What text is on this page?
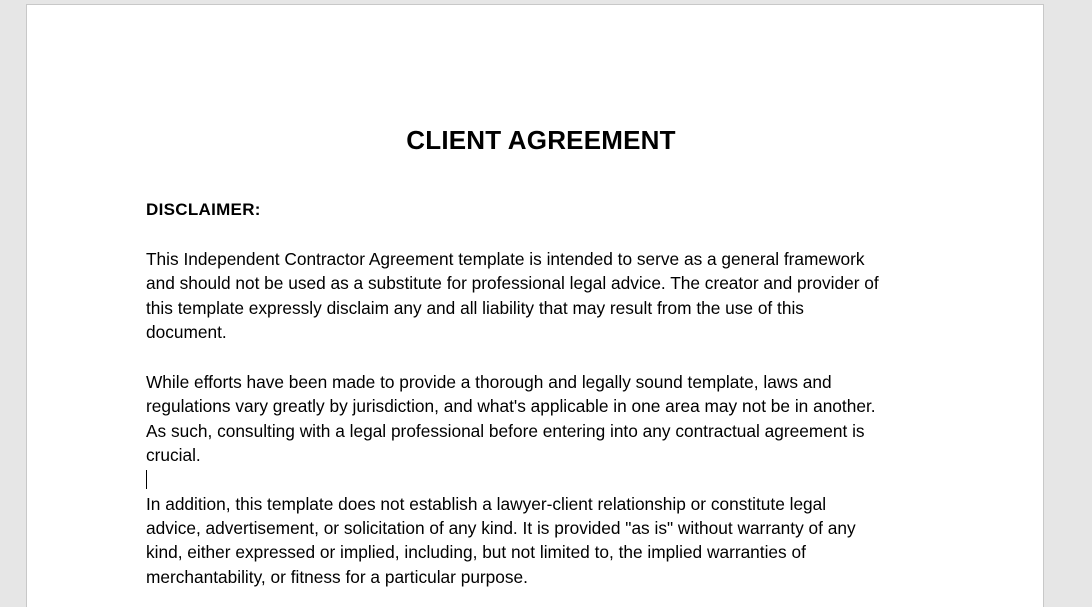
CLIENT AGREEMENT
DISCLAIMER:

This Independent Contractor Agreement template is intended to serve as a general framework
and should not be used as a substitute for professional legal advice. The creator and provider of
this template expressly disclaim any and all liability that may result from the use of this
document.

While efforts have been made to provide a thorough and legally sound template, laws and
regulations vary greatly by jurisdiction, and what's applicable in one area may not be in another.
As such, consulting with a legal professional before entering into any contractual agreement is
crucial.

In addition, this template does not establish a lawyer-client relationship or constitute legal
advice, advertisement, or solicitation of any kind. It is provided "as is" without warranty of any
kind, either expressed or implied, including, but not limited to, the implied warranties of
merchantability, or fitness for a particular purpose.
